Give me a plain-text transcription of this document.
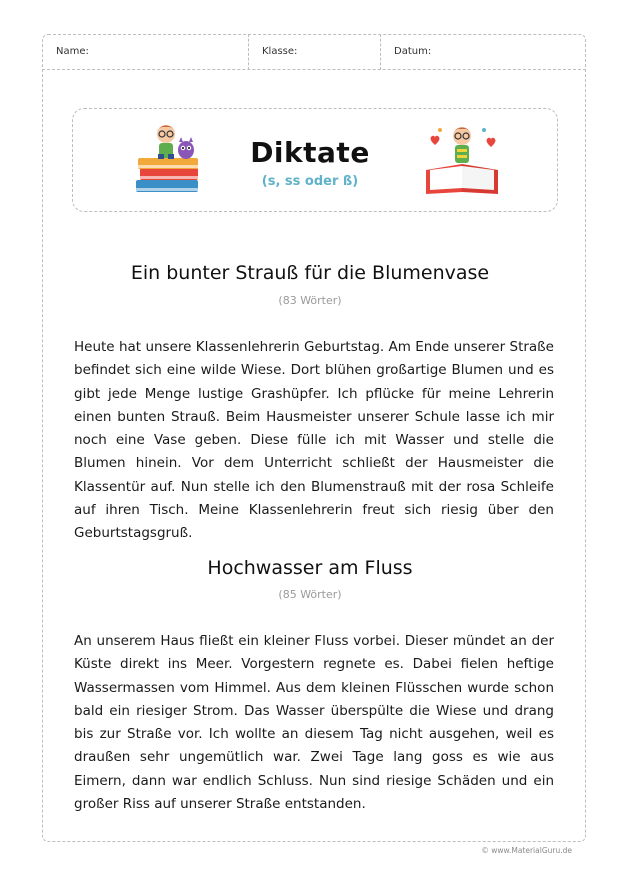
Name:	Klasse:	Datum:
Diktate
(s, ss oder ß)
Ein bunter Strauß für die Blumenvase
(83 Wörter)
Heute hat unsere Klassenlehrerin Geburtstag. Am Ende unserer Straße befindet sich eine wilde Wiese. Dort blühen großartige Blumen und es gibt jede Menge lustige Grashüpfer. Ich pflücke für meine Lehrerin einen bunten Strauß. Beim Hausmeister unserer Schule lasse ich mir noch eine Vase geben. Diese fülle ich mit Wasser und stelle die Blumen hinein. Vor dem Unterricht schließt der Hausmeister die Klassentür auf. Nun stelle ich den Blumenstrauß mit der rosa Schleife auf ihren Tisch. Meine Klassenlehrerin freut sich riesig über den Geburtstagsgruß.
Hochwasser am Fluss
(85 Wörter)
An unserem Haus fließt ein kleiner Fluss vorbei. Dieser mündet an der Küste direkt ins Meer. Vorgestern regnete es. Dabei fielen heftige Wassermassen vom Himmel. Aus dem kleinen Flüsschen wurde schon bald ein riesiger Strom. Das Wasser überspülte die Wiese und drang bis zur Straße vor. Ich wollte an diesem Tag nicht ausgehen, weil es draußen sehr ungemütlich war. Zwei Tage lang goss es wie aus Eimern, dann war endlich Schluss. Nun sind riesige Schäden und ein großer Riss auf unserer Straße entstanden.
© www.MaterialGuru.de
